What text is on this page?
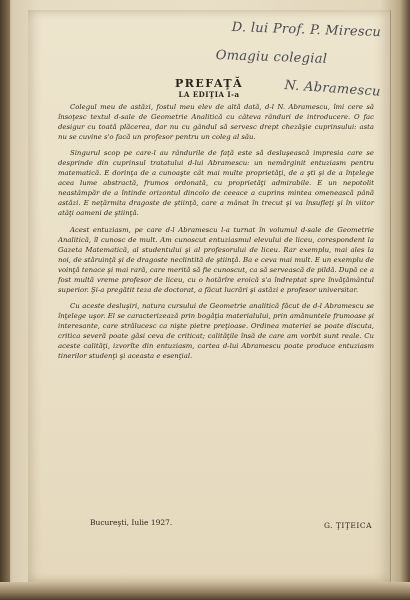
D. lui Prof. P. Mirescu
Omagiu colegial
N. Abramescu
PREFAŢĂ
LA EDIŢIA I-a

Colegul meu de astăzi, fostul meu elev de altă dată, d-l N. Abramescu, îmi cere să însoţesc textul d-sale de Geometrie Analitică cu câteva rânduri de introducere. O fac desigur cu toată plăcerea, dar nu cu gândul să servesc drept chezăşie cuprinsului: asta nu se cuvine s'o facă un profesor pentru un coleg al său.

Singurul scop pe care-l au rândurile de faţă este să desluşească impresia care se desprinde din cuprinsul tratatului d-lui Abramescu: un nemărginit entuziasm pentru matematică. E dorinţa de a cunoaşte cât mai multe proprietăţi, de a şti şi de a înţelege acea lume abstractă, frumos ordonată, cu proprietăţi admirabile. E un nepotolit neastâmpăr de a întinde orizontul dincolo de ceeace a cuprins mintea omenească până astăzi. E neţărmita dragoste de ştiinţă, care a mânat în trecut şi va însufleţi şi în viitor atâţi oameni de ştiinţă.

Acest entuziasm, pe care d-l Abramescu l-a turnat în volumul d-sale de Geometrie Analitică, îl cunosc de mult. Am cunoscut entuziasmul elevului de liceu, corespondent la Gazeta Matematică, al studentului şi al profesorului de liceu. Rar exemplu, mai ales la noi, de stăruinţă şi de dragoste neclintită de ştiinţă. Ba e ceva mai mult. E un exemplu de voinţă tenace şi mai rară, care merită să fie cunoscut, ca să servească de pildă. După ce a fost multă vreme profesor de liceu, cu o hotărîre eroică s'a îndreptat spre învăţământul superior. Şi-a pregătit teza de doctorat, a făcut lucrări şi astăzi e profesor universitar.

Cu aceste desluşiri, natura cursului de Geometrie analitică făcut de d-l Abramescu se înţelege uşor. El se caracterizează prin bogăţia materialului, prin amănuntele frumoase şi interesante, care strălucesc ca nişte pietre preţioase. Ordinea materiei se poate discuta, critica severă poate găsi ceva de criticat; calităţile însă de care am vorbit sunt reale. Cu aceste calităţi, izvorîte din entuziasm, cartea d-lui Abramescu poate produce entuziasm tinerilor studenţi şi aceasta e esenţial.

Bucureşti, Iulie 1927.	G. ŢIŢEICA
